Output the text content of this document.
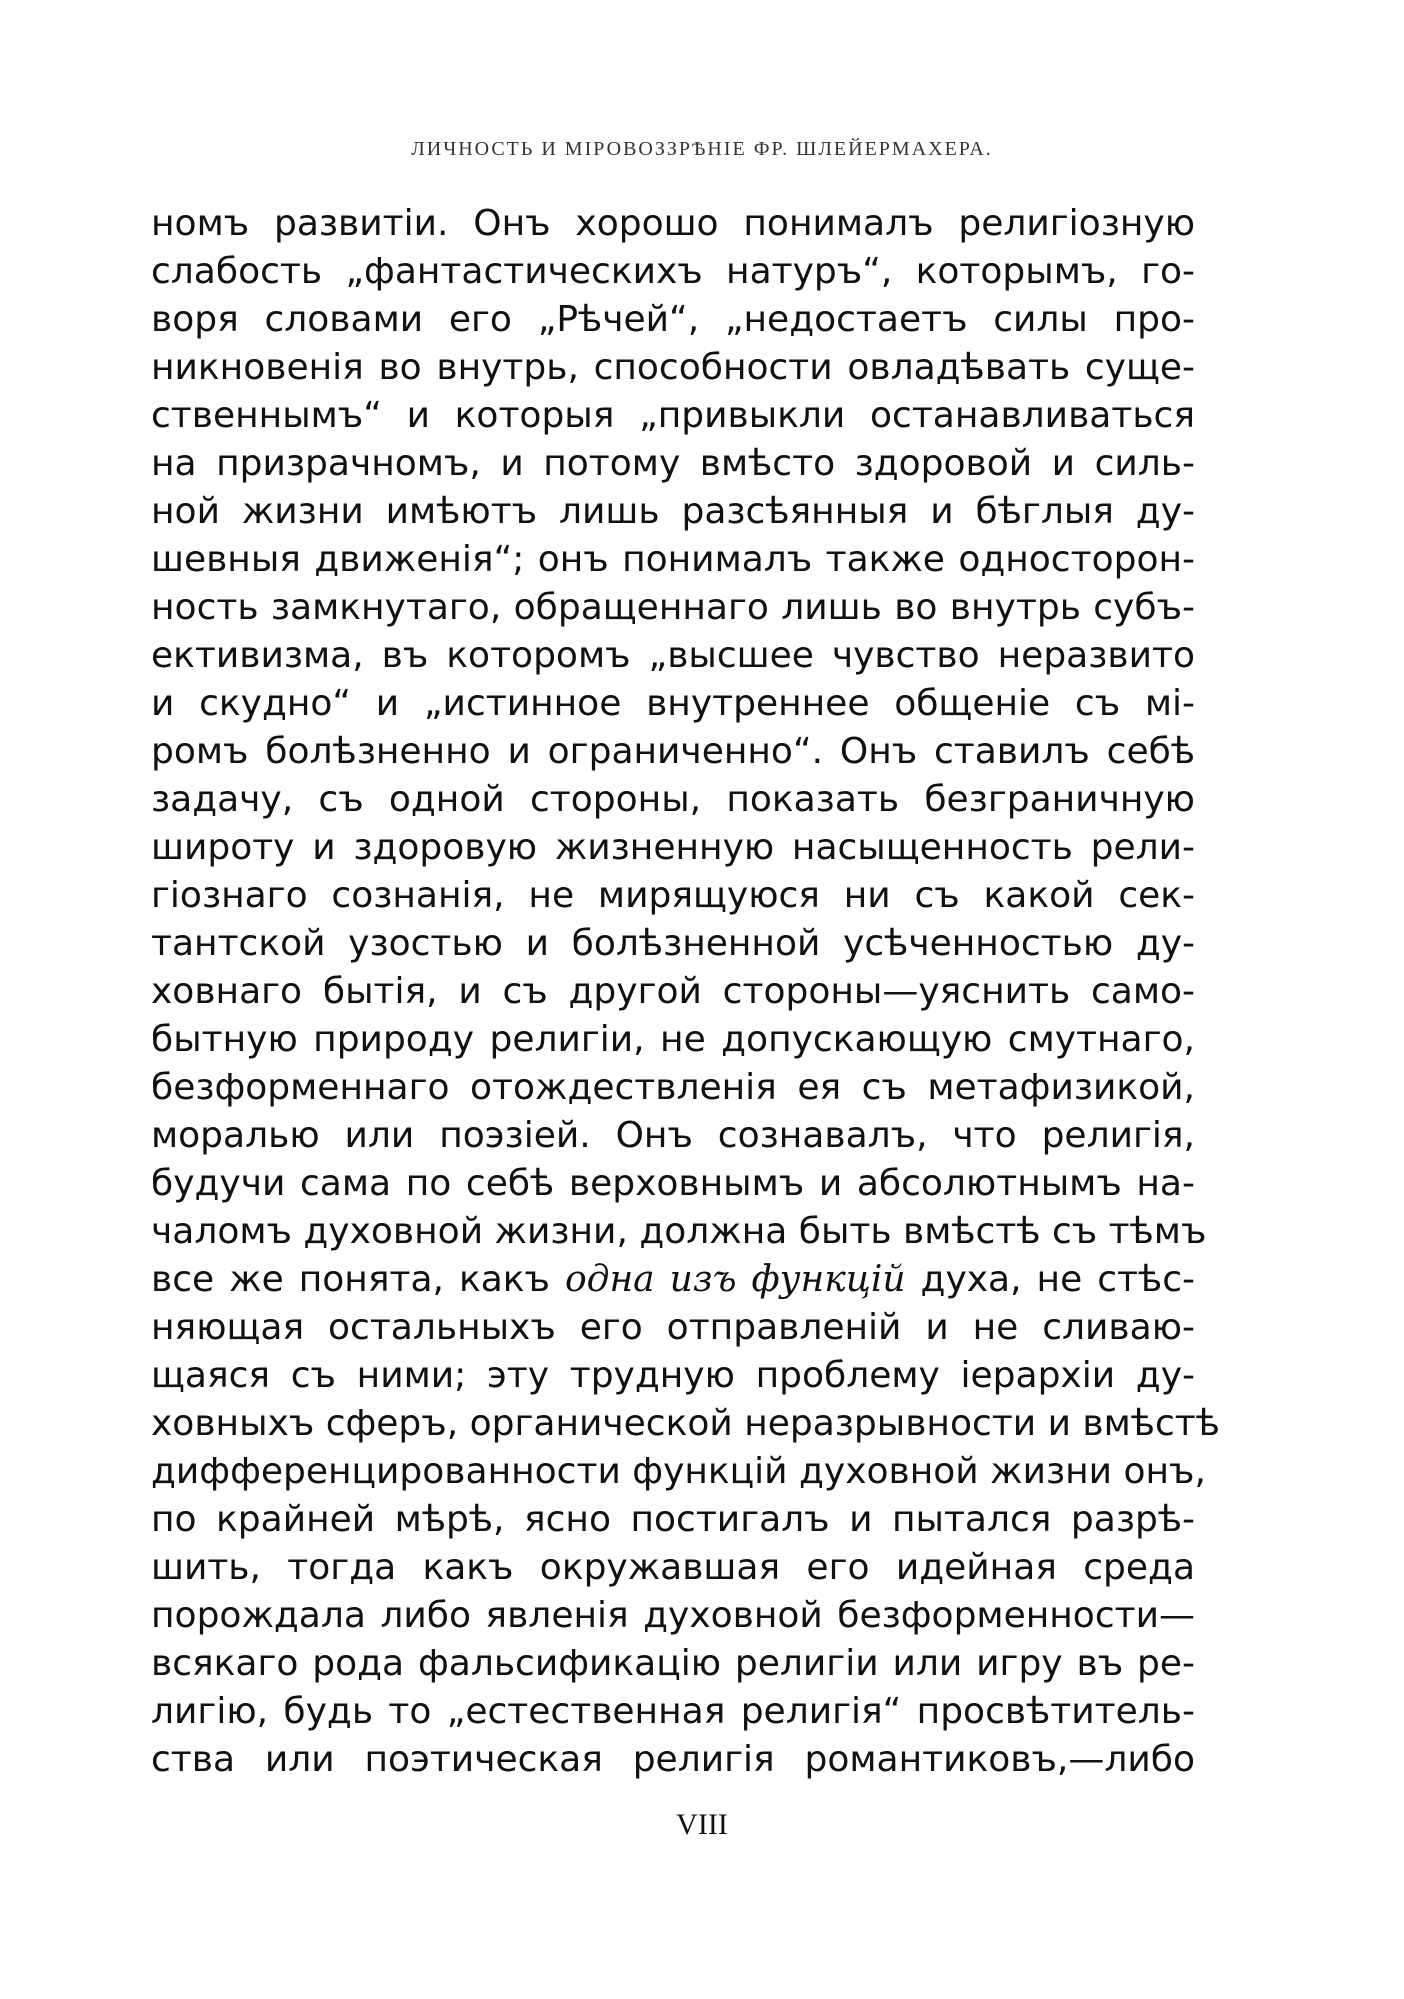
ЛИЧНОСТЬ И МІРОВОЗЗРѢНІЕ ФР. ШЛЕЙЕРМАХЕРА.
номъ развитіи. Онъ хорошо понималъ религіозную
слабость „фантастическихъ натуръ“, которымъ, го-
воря словами его „Рѣчей“, „недостаетъ силы про-
никновенія во внутрь, способности овладѣвать суще-
ственнымъ“ и которыя „привыкли останавливаться
на призрачномъ, и потому вмѣсто здоровой и силь-
ной жизни имѣютъ лишь разсѣянныя и бѣглыя ду-
шевныя движенія“; онъ понималъ также односторон-
ность замкнутаго, обращеннаго лишь во внутрь субъ-
ективизма, въ которомъ „высшее чувство неразвито
и скудно“ и „истинное внутреннее общеніе съ мі-
ромъ болѣзненно и ограниченно“. Онъ ставилъ себѣ
задачу, съ одной стороны, показать безграничную
широту и здоровую жизненную насыщенность рели-
гіознаго сознанія, не мирящуюся ни съ какой сек-
тантской узостью и болѣзненной усѣченностью ду-
ховнаго бытія, и съ другой стороны—уяснить само-
бытную природу религіи, не допускающую смутнаго,
безформеннаго отождествленія ея съ метафизикой,
моралью или поэзіей. Онъ сознавалъ, что религія,
будучи сама по себѣ верховнымъ и абсолютнымъ на-
чаломъ духовной жизни, должна быть вмѣстѣ съ тѣмъ
все же понята, какъ одна изъ функцій духа, не стѣс-
няющая остальныхъ его отправленій и не сливаю-
щаяся съ ними; эту трудную проблему іерархіи ду-
ховныхъ сферъ, органической неразрывности и вмѣстѣ
дифференцированности функцій духовной жизни онъ,
по крайней мѣрѣ, ясно постигалъ и пытался разрѣ-
шить, тогда какъ окружавшая его идейная среда
порождала либо явленія духовной безформенности—
всякаго рода фальсификацію религіи или игру въ ре-
лигію, будь то „естественная религія“ просвѣтитель-
ства или поэтическая религія романтиковъ,—либо
VIII
